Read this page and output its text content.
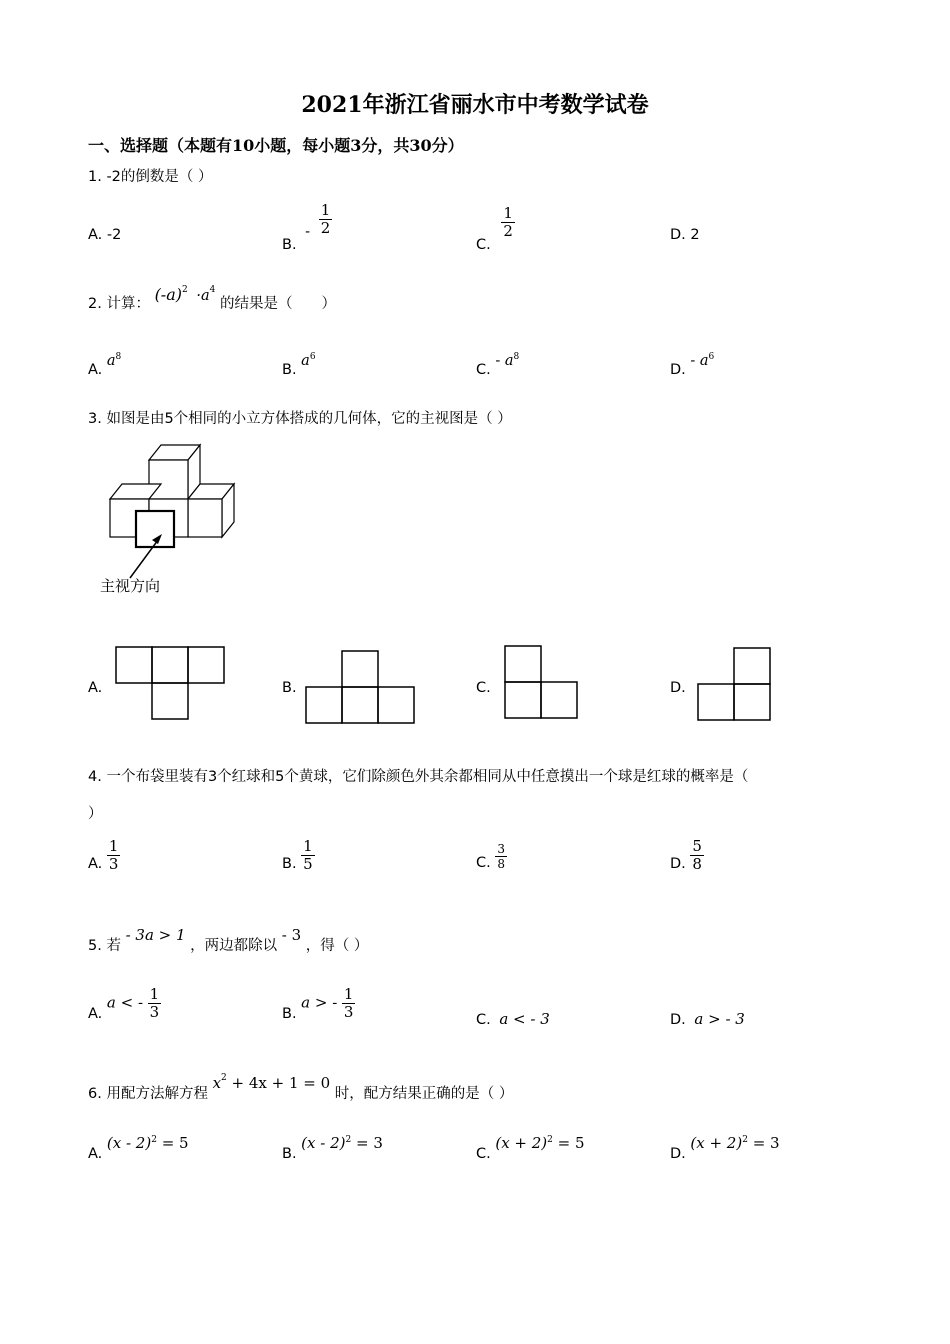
2021年浙江省丽水市中考数学试卷
一、选择题（本题有10小题，每小题3分，共30分）
1. -2的倒数是（ ）
A. -2
B. - $\frac{1}{2}$
C.
$\frac{1}{2}$	D. 2
2. 计算： $(-a)^2 \cdot a^4$ 的结果是（　　）
A. $a^8$
B. $a^6$
C. - $a^8$
D. - $a^6$
3. 如图是由5个相同的小立方体搭成的几何体，它的主视图是（ ）
主视方向
A.	B.	C.	D.
4. 一个布袋里装有3个红球和5个黄球，它们除颜色外其余都相同从中任意摸出一个球是红球的概率是（
）
A. $\frac{1}{3}$	B. $\frac{1}{5}$	C. $\frac{3}{8}$	D. $\frac{5}{8}$
5. 若 - 3a > 1 ，两边都除以 - 3 ，得（ ）
A. a < - $\frac{1}{3}$	B. a > - $\frac{1}{3}$	C. a < - 3	D. a > - 3
6. 用配方法解方程 $x^2 + 4x + 1 = 0$ 时，配方结果正确的是（ ）
A. (x - 2)$^2$ = 5
B. (x - 2)$^2$ = 3
C. $(x + 2)^2 = 5$
D. $(x + 2)^2 = 3$
